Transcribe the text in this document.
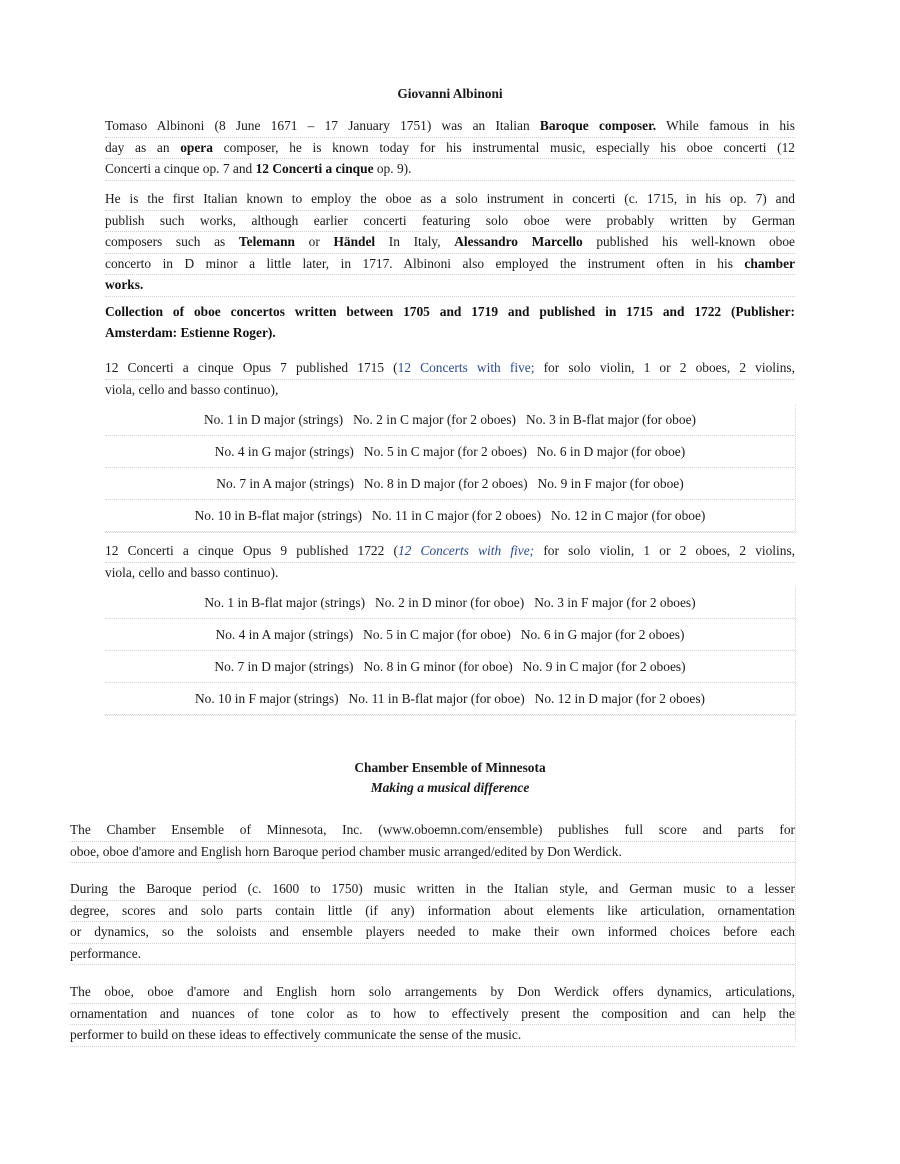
Giovanni Albinoni
Tomaso Albinoni (8 June 1671 – 17 January 1751) was an Italian Baroque composer. While famous in his
day as an opera composer, he is known today for his instrumental music, especially his oboe concerti (12
Concerti a cinque op. 7 and 12 Concerti a cinque op. 9).
He is the first Italian known to employ the oboe as a solo instrument in concerti (c. 1715, in his op. 7) and
publish such works, although earlier concerti featuring solo oboe were probably written by German
composers such as Telemann or Händel In Italy, Alessandro Marcello published his well-known oboe
concerto in D minor a little later, in 1717. Albinoni also employed the instrument often in his chamber
works.
Collection of oboe concertos written between 1705 and 1719 and published in 1715 and 1722 (Publisher:
Amsterdam: Estienne Roger).
12 Concerti a cinque Opus 7 published 1715 (12 Concerts with five; for solo violin, 1 or 2 oboes, 2 violins,
viola, cello and basso continuo),
No. 1 in D major (strings) No. 2 in C major (for 2 oboes) No. 3 in B-flat major (for oboe)
No. 4 in G major (strings) No. 5 in C major (for 2 oboes) No. 6 in D major (for oboe)
No. 7 in A major (strings) No. 8 in D major (for 2 oboes) No. 9 in F major (for oboe)
No. 10 in B-flat major (strings) No. 11 in C major (for 2 oboes) No. 12 in C major (for oboe)
12 Concerti a cinque Opus 9 published 1722 (12 Concerts with five; for solo violin, 1 or 2 oboes, 2 violins,
viola, cello and basso continuo).
No. 1 in B-flat major (strings) No. 2 in D minor (for oboe) No. 3 in F major (for 2 oboes)
No. 4 in A major (strings) No. 5 in C major (for oboe) No. 6 in G major (for 2 oboes)
No. 7 in D major (strings) No. 8 in G minor (for oboe) No. 9 in C major (for 2 oboes)
No. 10 in F major (strings) No. 11 in B-flat major (for oboe) No. 12 in D major (for 2 oboes)
Chamber Ensemble of Minnesota
Making a musical difference
The Chamber Ensemble of Minnesota, Inc. (www.oboemn.com/ensemble) publishes full score and parts for
oboe, oboe d'amore and English horn Baroque period chamber music arranged/edited by Don Werdick.
During the Baroque period (c. 1600 to 1750) music written in the Italian style, and German music to a lesser
degree, scores and solo parts contain little (if any) information about elements like articulation, ornamentation
or dynamics, so the soloists and ensemble players needed to make their own informed choices before each
performance.
The oboe, oboe d'amore and English horn solo arrangements by Don Werdick offers dynamics, articulations,
ornamentation and nuances of tone color as to how to effectively present the composition and can help the
performer to build on these ideas to effectively communicate the sense of the music.
